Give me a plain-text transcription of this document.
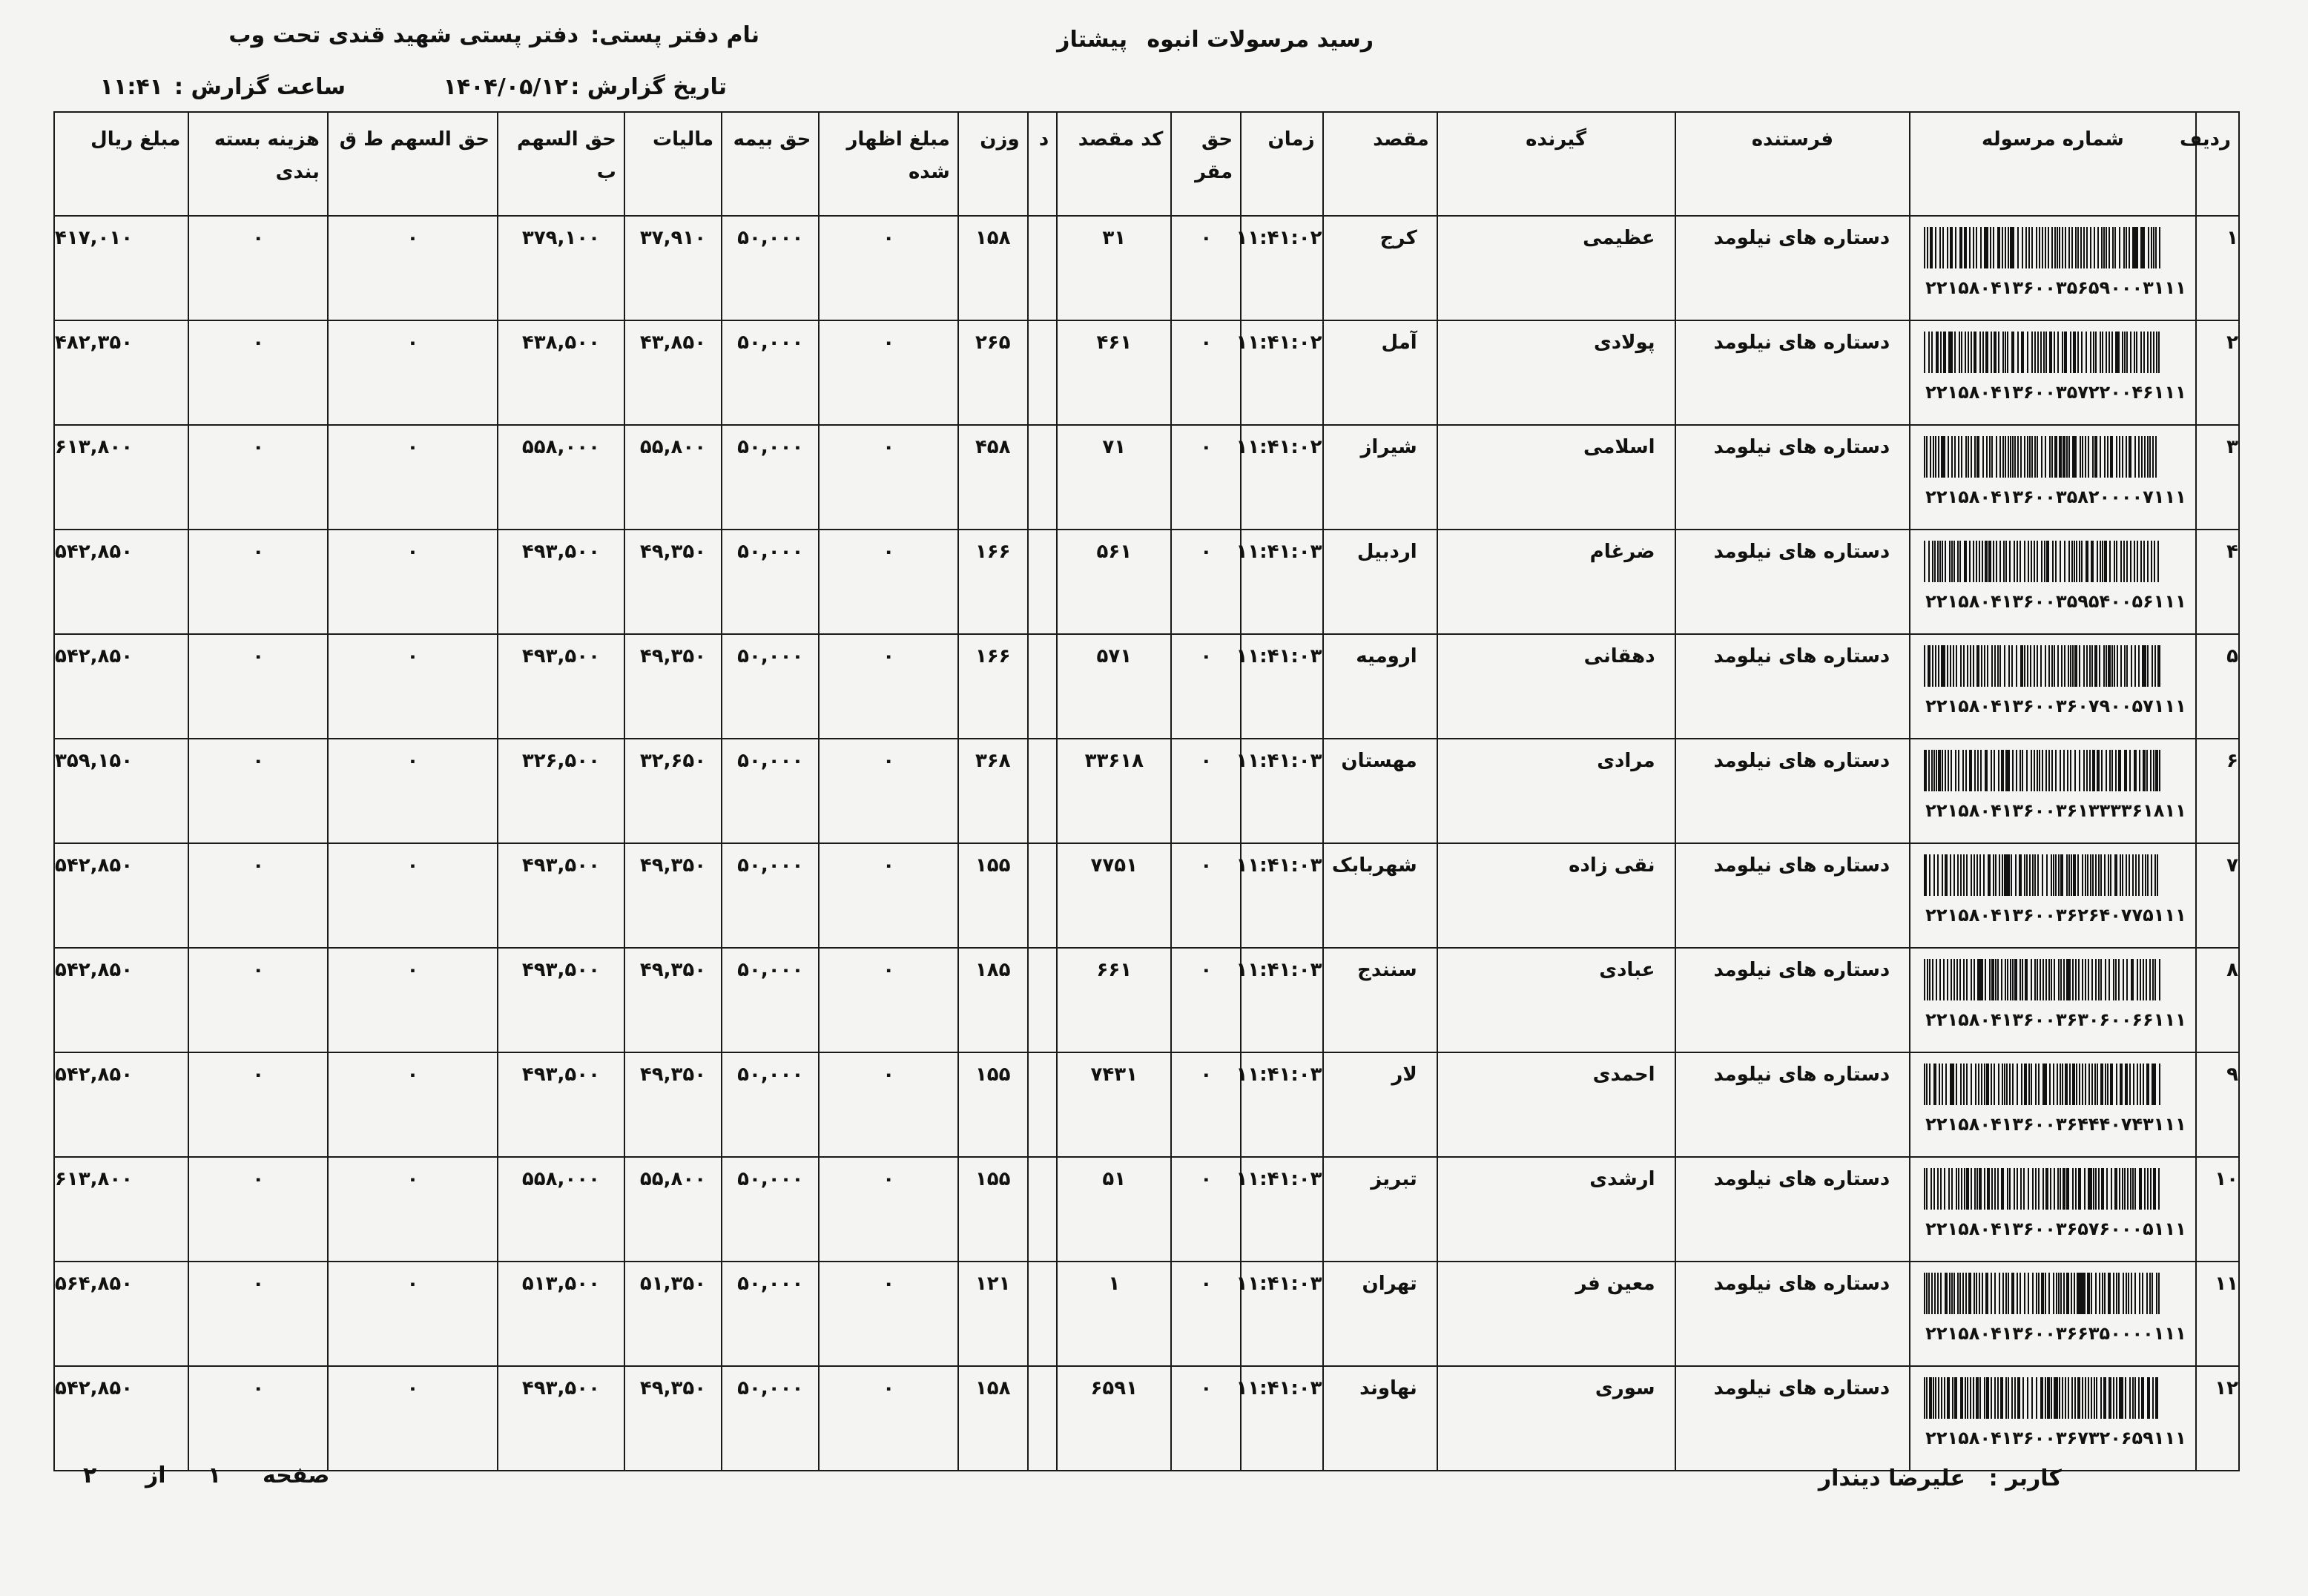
رسید مرسولات انبوه
پیشتاز
نام دفتر پستی:
دفتر پستی شهید قندی تحت وب
تاریخ گزارش :
۱۴۰۴/۰۵/۱۲
ساعت گزارش :
۱۱:۴۱
ردیف	شماره مرسوله	فرستنده	گیرنده	مقصد	زمان	حق مقر	کد مقصد	د	وزن	مبلغ اظهار شده	حق بیمه	مالیات	حق السهم ب	حق السهم ط ق	هزینه بسته بندی	مبلغ ریال
۱	۲۲۱۵۸۰۴۱۳۶۰۰۳۵۶۵۹۰۰۰۳۱۱۱	دستاره های نیلومد	عظیمی	کرج	۱۱:۴۱:۰۲	۰	۳۱		۱۵۸	۰	۵۰,۰۰۰	۳۷,۹۱۰	۳۷۹,۱۰۰	۰	۰	۴۱۷,۰۱۰
۲	۲۲۱۵۸۰۴۱۳۶۰۰۳۵۷۲۲۰۰۴۶۱۱۱	دستاره های نیلومد	پولادی	آمل	۱۱:۴۱:۰۲	۰	۴۶۱		۲۶۵	۰	۵۰,۰۰۰	۴۳,۸۵۰	۴۳۸,۵۰۰	۰	۰	۴۸۲,۳۵۰
۳	۲۲۱۵۸۰۴۱۳۶۰۰۳۵۸۲۰۰۰۰۷۱۱۱	دستاره های نیلومد	اسلامی	شیراز	۱۱:۴۱:۰۲	۰	۷۱		۴۵۸	۰	۵۰,۰۰۰	۵۵,۸۰۰	۵۵۸,۰۰۰	۰	۰	۶۱۳,۸۰۰
۴	۲۲۱۵۸۰۴۱۳۶۰۰۳۵۹۵۴۰۰۵۶۱۱۱	دستاره های نیلومد	ضرغام	اردبیل	۱۱:۴۱:۰۳	۰	۵۶۱		۱۶۶	۰	۵۰,۰۰۰	۴۹,۳۵۰	۴۹۳,۵۰۰	۰	۰	۵۴۲,۸۵۰
۵	۲۲۱۵۸۰۴۱۳۶۰۰۳۶۰۷۹۰۰۵۷۱۱۱	دستاره های نیلومد	دهقانی	ارومیه	۱۱:۴۱:۰۳	۰	۵۷۱		۱۶۶	۰	۵۰,۰۰۰	۴۹,۳۵۰	۴۹۳,۵۰۰	۰	۰	۵۴۲,۸۵۰
۶	۲۲۱۵۸۰۴۱۳۶۰۰۳۶۱۳۳۳۳۶۱۸۱۱	دستاره های نیلومد	مرادی	مهستان	۱۱:۴۱:۰۳	۰	۳۳۶۱۸		۳۶۸	۰	۵۰,۰۰۰	۳۲,۶۵۰	۳۲۶,۵۰۰	۰	۰	۳۵۹,۱۵۰
۷	۲۲۱۵۸۰۴۱۳۶۰۰۳۶۲۶۴۰۷۷۵۱۱۱	دستاره های نیلومد	نقی زاده	شهربابک	۱۱:۴۱:۰۳	۰	۷۷۵۱		۱۵۵	۰	۵۰,۰۰۰	۴۹,۳۵۰	۴۹۳,۵۰۰	۰	۰	۵۴۲,۸۵۰
۸	۲۲۱۵۸۰۴۱۳۶۰۰۳۶۳۰۶۰۰۶۶۱۱۱	دستاره های نیلومد	عبادی	سنندج	۱۱:۴۱:۰۳	۰	۶۶۱		۱۸۵	۰	۵۰,۰۰۰	۴۹,۳۵۰	۴۹۳,۵۰۰	۰	۰	۵۴۲,۸۵۰
۹	۲۲۱۵۸۰۴۱۳۶۰۰۳۶۴۴۴۰۷۴۳۱۱۱	دستاره های نیلومد	احمدی	لار	۱۱:۴۱:۰۳	۰	۷۴۳۱		۱۵۵	۰	۵۰,۰۰۰	۴۹,۳۵۰	۴۹۳,۵۰۰	۰	۰	۵۴۲,۸۵۰
۱۰	۲۲۱۵۸۰۴۱۳۶۰۰۳۶۵۷۶۰۰۰۵۱۱۱	دستاره های نیلومد	ارشدی	تبریز	۱۱:۴۱:۰۳	۰	۵۱		۱۵۵	۰	۵۰,۰۰۰	۵۵,۸۰۰	۵۵۸,۰۰۰	۰	۰	۶۱۳,۸۰۰
۱۱	۲۲۱۵۸۰۴۱۳۶۰۰۳۶۶۳۵۰۰۰۰۱۱۱	دستاره های نیلومد	معین فر	تهران	۱۱:۴۱:۰۳	۰	۱		۱۲۱	۰	۵۰,۰۰۰	۵۱,۳۵۰	۵۱۳,۵۰۰	۰	۰	۵۶۴,۸۵۰
۱۲	۲۲۱۵۸۰۴۱۳۶۰۰۳۶۷۳۲۰۶۵۹۱۱۱	دستاره های نیلومد	سوری	نهاوند	۱۱:۴۱:۰۳	۰	۶۵۹۱		۱۵۸	۰	۵۰,۰۰۰	۴۹,۳۵۰	۴۹۳,۵۰۰	۰	۰	۵۴۲,۸۵۰
کاربر :
علیرضا دیندار
صفحه
۱
از
۲
